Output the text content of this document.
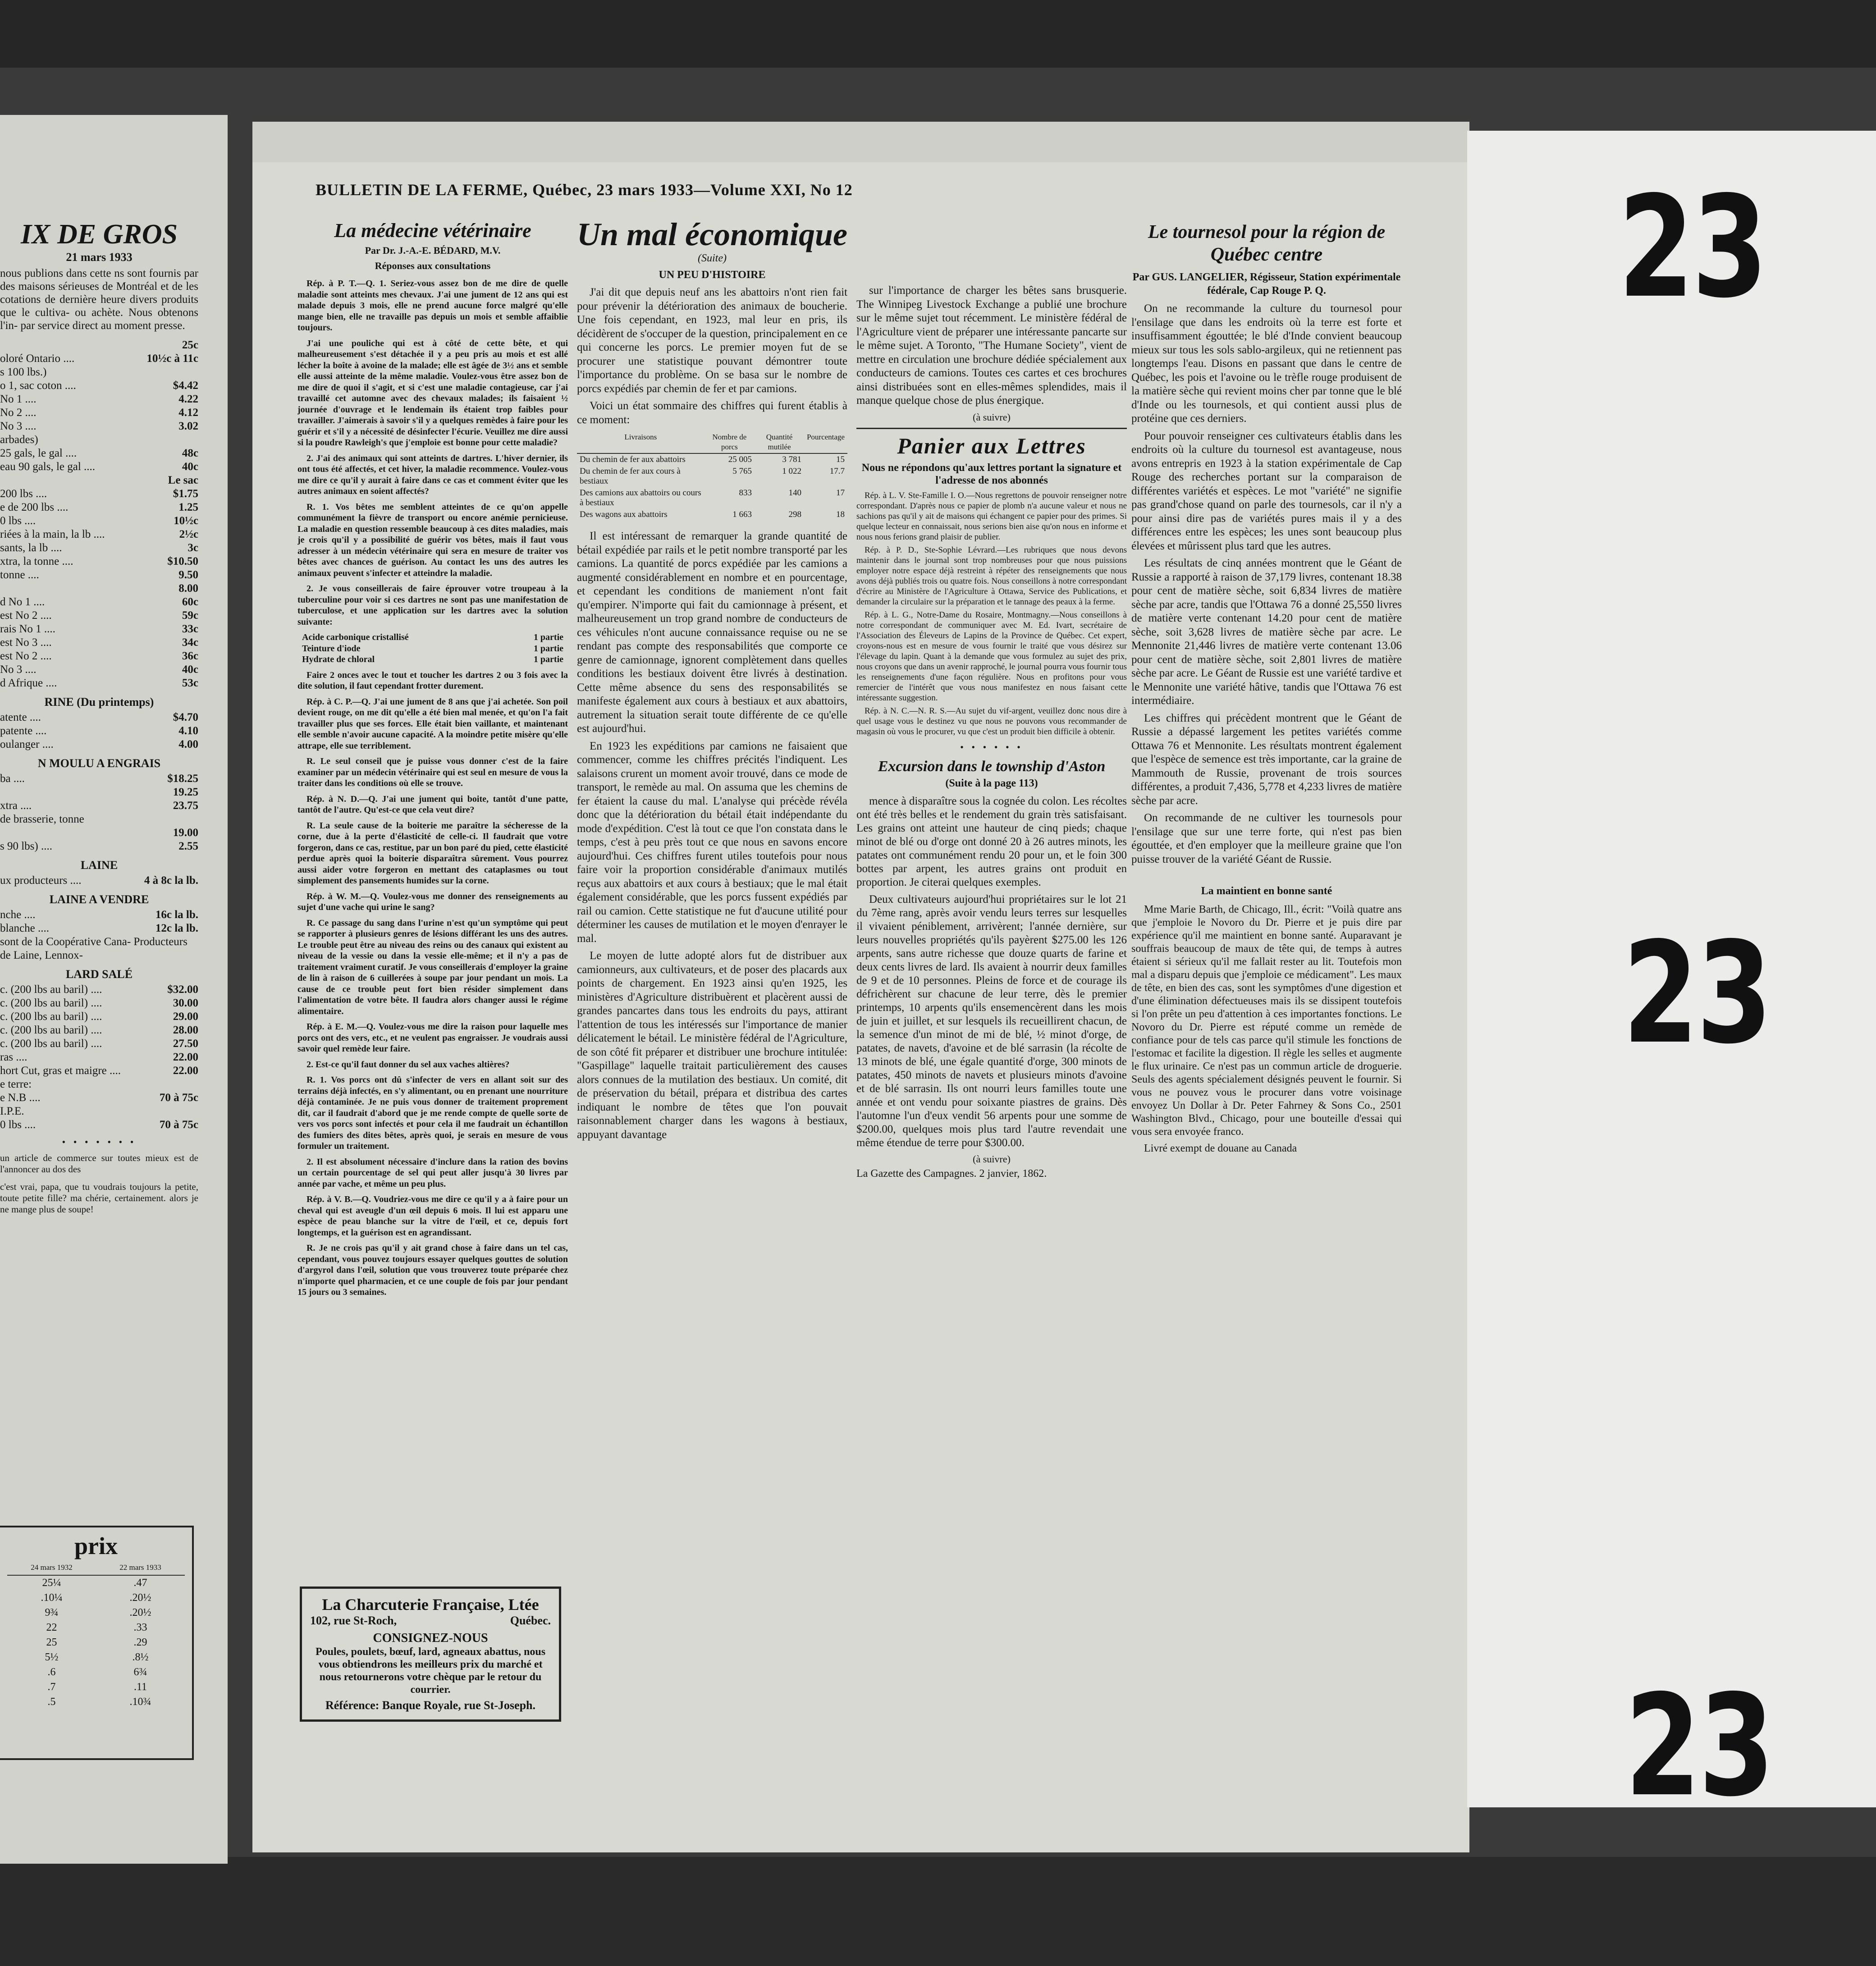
IX DE GROS
21 mars 1933
nous publions dans cette ns sont fournis par des maisons sérieuses de Montréal et de les cotations de dernière heure divers produits que le cultiva- ou achète. Nous obtenons l'in- par service direct au moment presse.
25c
oloré Ontario ....	10½c à 11c
s 100 lbs.)
o 1, sac coton ....	$4.42
No 1 ....	4.22
No 2 ....	4.12
No 3 ....	3.02
arbades)
25 gals, le gal ....	48c
eau 90 gals, le gal ....	40c
Le sac
200 lbs ....	$1.75
e de 200 lbs ....	1.25
0 lbs ....	10½c
riées à la main, la lb ....	2½c
sants, la lb ....	3c
xtra, la tonne ....	$10.50
tonne ....	9.50
8.00
d No 1 ....	60c
est No 2 ....	59c
rais No 1 ....	33c
est No 3 ....	34c
est No 2 ....	36c
No 3 ....	40c
d Afrique ....	53c
RINE (Du printemps)
atente ....	$4.70
patente ....	4.10
oulanger ....	4.00
N MOULU A ENGRAIS
ba ....	$18.25
19.25
xtra ....	23.75
de brasserie, tonne
19.00
s 90 lbs) ....	2.55
LAINE
ux producteurs ....	4 à 8c la lb.
LAINE A VENDRE
nche ....	16c la lb.
blanche ....	12c la lb.
sont de la Coopérative Cana- Producteurs de Laine, Lennox-
LARD SALÉ
c. (200 lbs au baril) ....	$32.00
c. (200 lbs au baril) ....	30.00
c. (200 lbs au baril) ....	29.00
c. (200 lbs au baril) ....	28.00
c. (200 lbs au baril) ....	27.50
ras ....	22.00
hort Cut, gras et maigre ....	22.00
e terre:
e N.B ....	70 à 75c
I.P.E.
0 lbs ....	70 à 75c
• • • • • • •
un article de commerce sur toutes mieux est de l'annoncer au dos des
c'est vrai, papa, que tu voudrais toujours la petite, toute petite fille? ma chérie, certainement. alors je ne mange plus de soupe!
prix
24 mars 1932	22 mars 1933
25¼	.47
.10¼	.20½
9¾	.20½
22	.33
25	.29
5½	.8½
.6	6¾
.7	.11
.5	.10¾
BULLETIN DE LA FERME, Québec, 23 mars 1933—Volume XXI, No 12
La médecine vétérinaire
Par Dr. J.-A.-E. BÉDARD, M.V.
Réponses aux consultations

Rép. à P. T.—Q. 1. Seriez-vous assez bon de me dire de quelle maladie sont atteints mes chevaux. J'ai une jument de 12 ans qui est malade depuis 3 mois, elle ne prend aucune force malgré qu'elle mange bien, elle ne travaille pas depuis un mois et semble affaiblie toujours.

J'ai une pouliche qui est à côté de cette bête, et qui malheureusement s'est détachée il y a peu pris au mois et est allé lécher la boîte à avoine de la malade; elle est âgée de 3½ ans et semble elle aussi atteinte de la même maladie. Voulez-vous être assez bon de me dire de quoi il s'agit, et si c'est une maladie contagieuse, car j'ai travaillé cet automne avec des chevaux malades; ils faisaient ½ journée d'ouvrage et le lendemain ils étaient trop faibles pour travailler. J'aimerais à savoir s'il y a quelques remèdes à faire pour les guérir et s'il y a nécessité de désinfecter l'écurie. Veuillez me dire aussi si la poudre Rawleigh's que j'emploie est bonne pour cette maladie?

2. J'ai des animaux qui sont atteints de dartres. L'hiver dernier, ils ont tous été affectés, et cet hiver, la maladie recommence. Voulez-vous me dire ce qu'il y aurait à faire dans ce cas et comment éviter que les autres animaux en soient affectés?

R. 1. Vos bêtes me semblent atteintes de ce qu'on appelle communément la fièvre de transport ou encore anémie pernicieuse. La maladie en question ressemble beaucoup à ces dites maladies, mais je crois qu'il y a possibilité de guérir vos bêtes, mais il faut vous adresser à un médecin vétérinaire qui sera en mesure de traiter vos bêtes avec chances de guérison. Au contact les uns des autres les animaux peuvent s'infecter et atteindre la maladie.

2. Je vous conseillerais de faire éprouver votre troupeau à la tuberculine pour voir si ces dartres ne sont pas une manifestation de tuberculose, et une application sur les dartres avec la solution suivante:

Acide carbonique cristallisé	1 partie
Teinture d'iode	1 partie
Hydrate de chloral	1 partie

Faire 2 onces avec le tout et toucher les dartres 2 ou 3 fois avec la dite solution, il faut cependant frotter durement.

Rép. à C. P.—Q. J'ai une jument de 8 ans que j'ai achetée. Son poil devient rouge, on me dit qu'elle a été bien mal menée, et qu'on l'a fait travailler plus que ses forces. Elle était bien vaillante, et maintenant elle semble n'avoir aucune capacité. A la moindre petite misère qu'elle attrape, elle sue terriblement.

R. Le seul conseil que je puisse vous donner c'est de la faire examiner par un médecin vétérinaire qui est seul en mesure de vous la traiter dans les conditions où elle se trouve.

Rép. à N. D.—Q. J'ai une jument qui boite, tantôt d'une patte, tantôt de l'autre. Qu'est-ce que cela veut dire?

R. La seule cause de la boiterie me paraître la sécheresse de la corne, due à la perte d'élasticité de celle-ci. Il faudrait que votre forgeron, dans ce cas, restitue, par un bon paré du pied, cette élasticité perdue après quoi la boiterie disparaîtra sûrement. Vous pourrez aussi aider votre forgeron en mettant des cataplasmes ou tout simplement des pansements humides sur la corne.

Rép. à W. M.—Q. Voulez-vous me donner des renseignements au sujet d'une vache qui urine le sang?

R. Ce passage du sang dans l'urine n'est qu'un symptôme qui peut se rapporter à plusieurs genres de lésions différant les uns des autres. Le trouble peut être au niveau des reins ou des canaux qui existent au niveau de la vessie ou dans la vessie elle-même; et il n'y a pas de traitement vraiment curatif. Je vous conseillerais d'employer la graine de lin à raison de 6 cuillerées à soupe par jour pendant un mois. La cause de ce trouble peut fort bien résider simplement dans l'alimentation de votre bête. Il faudra alors changer aussi le régime alimentaire.

Rép. à E. M.—Q. Voulez-vous me dire la raison pour laquelle mes porcs ont des vers, etc., et ne veulent pas engraisser. Je voudrais aussi savoir quel remède leur faire.

2. Est-ce qu'il faut donner du sel aux vaches altières?

R. 1. Vos porcs ont dû s'infecter de vers en allant soit sur des terrains déjà infectés, en s'y alimentant, ou en prenant une nourriture déjà contaminée. Je ne puis vous donner de traitement proprement dit, car il faudrait d'abord que je me rende compte de quelle sorte de vers vos porcs sont infectés et pour cela il me faudrait un échantillon des fumiers des dites bêtes, après quoi, je serais en mesure de vous formuler un traitement.

2. Il est absolument nécessaire d'inclure dans la ration des bovins un certain pourcentage de sel qui peut aller jusqu'à 30 livres par année par vache, et même un peu plus.

Rép. à V. B.—Q. Voudriez-vous me dire ce qu'il y a à faire pour un cheval qui est aveugle d'un œil depuis 6 mois. Il lui est apparu une espèce de peau blanche sur la vitre de l'œil, et ce, depuis fort longtemps, et la guérison est en agrandissant.

R. Je ne crois pas qu'il y ait grand chose à faire dans un tel cas, cependant, vous pouvez toujours essayer quelques gouttes de solution d'argyrol dans l'œil, solution que vous trouverez toute préparée chez n'importe quel pharmacien, et ce une couple de fois par jour pendant 15 jours ou 3 semaines.

La Charcuterie Française, Ltée
102, rue St-Roch,	Québec.
CONSIGNEZ-NOUS
Poules, poulets, bœuf, lard, agneaux abattus, nous vous obtiendrons les meilleurs prix du marché et nous retournerons votre chèque par le retour du courrier.
Référence: Banque Royale, rue St-Joseph.
Un mal économique
(Suite)
UN PEU D'HISTOIRE

J'ai dit que depuis neuf ans les abattoirs n'ont rien fait pour prévenir la détérioration des animaux de boucherie. Une fois cependant, en 1923, mal leur en pris, ils décidèrent de s'occuper de la question, principalement en ce qui concerne les porcs. Le premier moyen fut de se procurer une statistique pouvant démontrer toute l'importance du problème. On se basa sur le nombre de porcs expédiés par chemin de fer et par camions.

Voici un état sommaire des chiffres qui furent établis à ce moment:

Livraisons	Nombre de porcs	Quantité mutilée	Pourcentage
Du chemin de fer aux abattoirs	25 005	3 781	15
Du chemin de fer aux cours à bestiaux	5 765	1 022	17.7
Des camions aux abattoirs ou cours à bestiaux	833	140	17
Des wagons aux abattoirs	1 663	298	18

Il est intéressant de remarquer la grande quantité de bétail expédiée par rails et le petit nombre transporté par les camions. La quantité de porcs expédiée par les camions a augmenté considérablement en nombre et en pourcentage, et cependant les conditions de maniement n'ont fait qu'empirer. N'importe qui fait du camionnage à présent, et malheureusement un trop grand nombre de conducteurs de ces véhicules n'ont aucune connaissance requise ou ne se rendant pas compte des responsabilités que comporte ce genre de camionnage, ignorent complètement dans quelles conditions les bestiaux doivent être livrés à destination. Cette même absence du sens des responsabilités se manifeste également aux cours à bestiaux et aux abattoirs, autrement la situation serait toute différente de ce qu'elle est aujourd'hui.

En 1923 les expéditions par camions ne faisaient que commencer, comme les chiffres précités l'indiquent. Les salaisons crurent un moment avoir trouvé, dans ce mode de transport, le remède au mal. On assuma que les chemins de fer étaient la cause du mal. L'analyse qui précède révéla donc que la détérioration du bétail était indépendante du mode d'expédition. C'est là tout ce que l'on constata dans le temps, c'est à peu près tout ce que nous en savons encore aujourd'hui. Ces chiffres furent utiles toutefois pour nous faire voir la proportion considérable d'animaux mutilés reçus aux abattoirs et aux cours à bestiaux; que le mal était également considérable, que les porcs fussent expédiés par rail ou camion. Cette statistique ne fut d'aucune utilité pour déterminer les causes de mutilation et le moyen d'enrayer le mal.

Le moyen de lutte adopté alors fut de distribuer aux camionneurs, aux cultivateurs, et de poser des placards aux points de chargement. En 1923 ainsi qu'en 1925, les ministères d'Agriculture distribuèrent et placèrent aussi de grandes pancartes dans tous les endroits du pays, attirant l'attention de tous les intéressés sur l'importance de manier délicatement le bétail. Le ministère fédéral de l'Agriculture, de son côté fit préparer et distribuer une brochure intitulée: "Gaspillage" laquelle traitait particulièrement des causes alors connues de la mutilation des bestiaux. Un comité, dit de préservation du bétail, prépara et distribua des cartes indiquant le nombre de têtes que l'on pouvait raisonnablement charger dans les wagons à bestiaux, appuyant davantage

sur l'importance de charger les bêtes sans brusquerie. The Winnipeg Livestock Exchange a publié une brochure sur le même sujet tout récemment. Le ministère fédéral de l'Agriculture vient de préparer une intéressante pancarte sur le même sujet. A Toronto, "The Humane Society", vient de mettre en circulation une brochure dédiée spécialement aux conducteurs de camions. Toutes ces cartes et ces brochures ainsi distribuées sont en elles-mêmes splendides, mais il manque quelque chose de plus énergique.

(à suivre)
Panier aux Lettres
Nous ne répondons qu'aux lettres portant la signature et l'adresse de nos abonnés

Rép. à L. V. Ste-Famille I. O.—Nous regrettons de pouvoir renseigner notre correspondant. D'après nous ce papier de plomb n'a aucune valeur et nous ne sachions pas qu'il y ait de maisons qui échangent ce papier pour des primes. Si quelque lecteur en connaissait, nous serions bien aise qu'on nous en informe et nous nous ferions grand plaisir de publier.

Rép. à P. D., Ste-Sophie Lévrard.—Les rubriques que nous devons maintenir dans le journal sont trop nombreuses pour que nous puissions employer notre espace déjà restreint à répéter des renseignements que nous avons déjà publiés trois ou quatre fois. Nous conseillons à notre correspondant d'écrire au Ministère de l'Agriculture à Ottawa, Service des Publications, et demander la circulaire sur la préparation et le tannage des peaux à la ferme.

Rép. à L. G., Notre-Dame du Rosaire, Montmagny.—Nous conseillons à notre correspondant de communiquer avec M. Ed. Ivart, secrétaire de l'Association des Éleveurs de Lapins de la Province de Québec. Cet expert, croyons-nous est en mesure de vous fournir le traité que vous désirez sur l'élevage du lapin. Quant à la demande que vous formulez au sujet des prix, nous croyons que dans un avenir rapproché, le journal pourra vous fournir tous les renseignements d'une façon régulière. Nous en profitons pour vous remercier de l'intérêt que vous nous manifestez en nous faisant cette intéressante suggestion.

Rép. à N. C.—N. R. S.—Au sujet du vif-argent, veuillez donc nous dire à quel usage vous le destinez vu que nous ne pouvons vous recommander de magasin où vous le procurer, vu que c'est un produit bien difficile à obtenir.

• • • • • •
Excursion dans le township d'Aston
(Suite à la page 113)

mence à disparaître sous la cognée du colon. Les récoltes ont été très belles et le rendement du grain très satisfaisant. Les grains ont atteint une hauteur de cinq pieds; chaque minot de blé ou d'orge ont donné 20 à 26 autres minots, les patates ont communément rendu 20 pour un, et le foin 300 bottes par arpent, les autres grains ont produit en proportion. Je citerai quelques exemples.

Deux cultivateurs aujourd'hui propriétaires sur le lot 21 du 7ème rang, après avoir vendu leurs terres sur lesquelles il vivaient péniblement, arrivèrent; l'année dernière, sur leurs nouvelles propriétés qu'ils payèrent $275.00 les 126 arpents, sans autre richesse que douze quarts de farine et deux cents livres de lard. Ils avaient à nourrir deux familles de 9 et de 10 personnes. Pleins de force et de courage ils défrichèrent sur chacune de leur terre, dès le premier printemps, 10 arpents qu'ils ensemencèrent dans les mois de juin et juillet, et sur lesquels ils recueillirent chacun, de la semence d'un minot de mi de blé, ½ minot d'orge, de patates, de navets, d'avoine et de blé sarrasin (la récolte de 13 minots de blé, une égale quantité d'orge, 300 minots de patates, 450 minots de navets et plusieurs minots d'avoine et de blé sarrasin. Ils ont nourri leurs familles toute une année et ont vendu pour soixante piastres de grains. Dès l'automne l'un d'eux vendit 56 arpents pour une somme de $200.00, quelques mois plus tard l'autre revendait une même étendue de terre pour $300.00.

(à suivre)
La Gazette des Campagnes. 2 janvier, 1862.
Le tournesol pour la région de Québec centre
Par GUS. LANGELIER, Régisseur, Station expérimentale fédérale, Cap Rouge P. Q.

On ne recommande la culture du tournesol pour l'ensilage que dans les endroits où la terre est forte et insuffisamment égouttée; le blé d'Inde convient beaucoup mieux sur tous les sols sablo-argileux, qui ne retiennent pas longtemps l'eau. Disons en passant que dans le centre de Québec, les pois et l'avoine ou le trèfle rouge produisent de la matière sèche qui revient moins cher par tonne que le blé d'Inde ou les tournesols, et qui contient aussi plus de protéine que ces derniers.

Pour pouvoir renseigner ces cultivateurs établis dans les endroits où la culture du tournesol est avantageuse, nous avons entrepris en 1923 à la station expérimentale de Cap Rouge des recherches portant sur la comparaison de différentes variétés et espèces. Le mot "variété" ne signifie pas grand'chose quand on parle des tournesols, car il n'y a pour ainsi dire pas de variétés pures mais il y a des différences entre les espèces; les unes sont beaucoup plus élevées et mûrissent plus tard que les autres.

Les résultats de cinq années montrent que le Géant de Russie a rapporté à raison de 37,179 livres, contenant 18.38 pour cent de matière sèche, soit 6,834 livres de matière sèche par acre, tandis que l'Ottawa 76 a donné 25,550 livres de matière verte contenant 14.20 pour cent de matière sèche, soit 3,628 livres de matière sèche par acre. Le Mennonite 21,446 livres de matière verte contenant 13.06 pour cent de matière sèche, soit 2,801 livres de matière sèche par acre. Le Géant de Russie est une variété tardive et le Mennonite une variété hâtive, tandis que l'Ottawa 76 est intermédiaire.

Les chiffres qui précèdent montrent que le Géant de Russie a dépassé largement les petites variétés comme Ottawa 76 et Mennonite. Les résultats montrent également que l'espèce de semence est très importante, car la graine de Mammouth de Russie, provenant de trois sources différentes, a produit 7,436, 5,778 et 4,233 livres de matière sèche par acre.

On recommande de ne cultiver les tournesols pour l'ensilage que sur une terre forte, qui n'est pas bien égouttée, et d'en employer que la meilleure graine que l'on puisse trouver de la variété Géant de Russie.

La maintient en bonne santé

Mme Marie Barth, de Chicago, Ill., écrit: "Voilà quatre ans que j'emploie le Novoro du Dr. Pierre et je puis dire par expérience qu'il me maintient en bonne santé. Auparavant je souffrais beaucoup de maux de tête qui, de temps à autres étaient si sérieux qu'il me fallait rester au lit. Toutefois mon mal a disparu depuis que j'emploie ce médicament". Les maux de tête, en bien des cas, sont les symptômes d'une digestion et d'une élimination défectueuses mais ils se dissipent toutefois si l'on prête un peu d'attention à ces importantes fonctions. Le Novoro du Dr. Pierre est réputé comme un remède de confiance pour de tels cas parce qu'il stimule les fonctions de l'estomac et facilite la digestion. Il règle les selles et augmente le flux urinaire. Ce n'est pas un commun article de droguerie. Seuls des agents spécialement désignés peuvent le fournir. Si vous ne pouvez vous le procurer dans votre voisinage envoyez Un Dollar à Dr. Peter Fahrney & Sons Co., 2501 Washington Blvd., Chicago, pour une bouteille d'essai qui vous sera envoyée franco.

Livré exempt de douane au Canada

23
23
23
